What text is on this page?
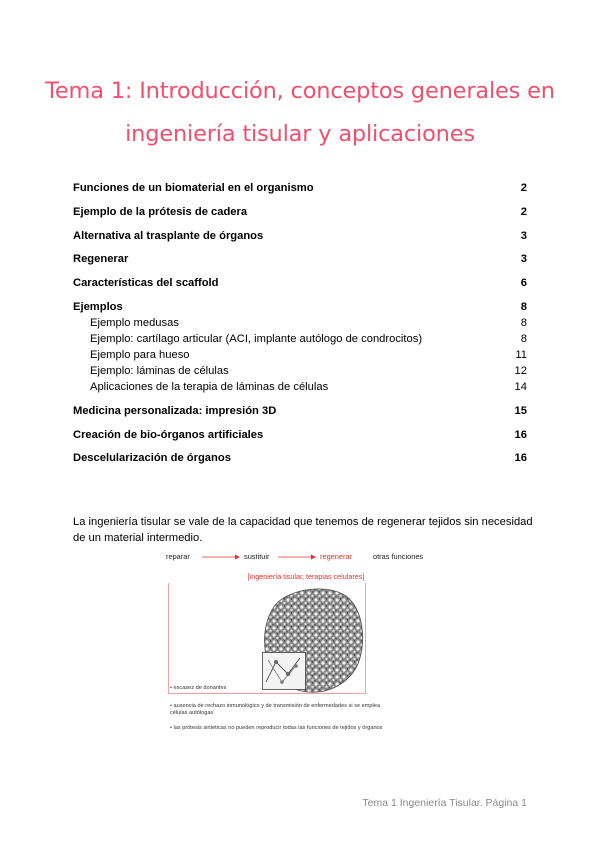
Tema 1: Introducción, conceptos generales en
ingeniería tisular y aplicaciones
Funciones de un biomaterial en el organismo	2
Ejemplo de la prótesis de cadera	2
Alternativa al trasplante de órganos	3
Regenerar	3
Características del scaffold	6
Ejemplos	8
Ejemplo medusas	8
Ejemplo: cartílago articular (ACI, implante autólogo de condrocitos)	8
Ejemplo para hueso	11
Ejemplo: láminas de células	12
Aplicaciones de la terapia de láminas de células	14
Medicina personalizada: impresión 3D	15
Creación de bio-órganos artificiales	16
Descelularización de órganos	16

La ingeniería tisular se vale de la capacidad que tenemos de regenerar tejidos sin necesidad de un material intermedio.

reparar	sustituir	regenerar	otras funciones
[ingeniería tisular, terapias celulares]
• escasez de donantes
• ausencia de rechazo inmunológico y de transmisión de enfermedades si se emplea
células autólogas
• las prótesis sintéticas no pueden reproducir todas las funciones de tejidos y órganos
Tema 1 Ingeniería Tisular. Página 1
